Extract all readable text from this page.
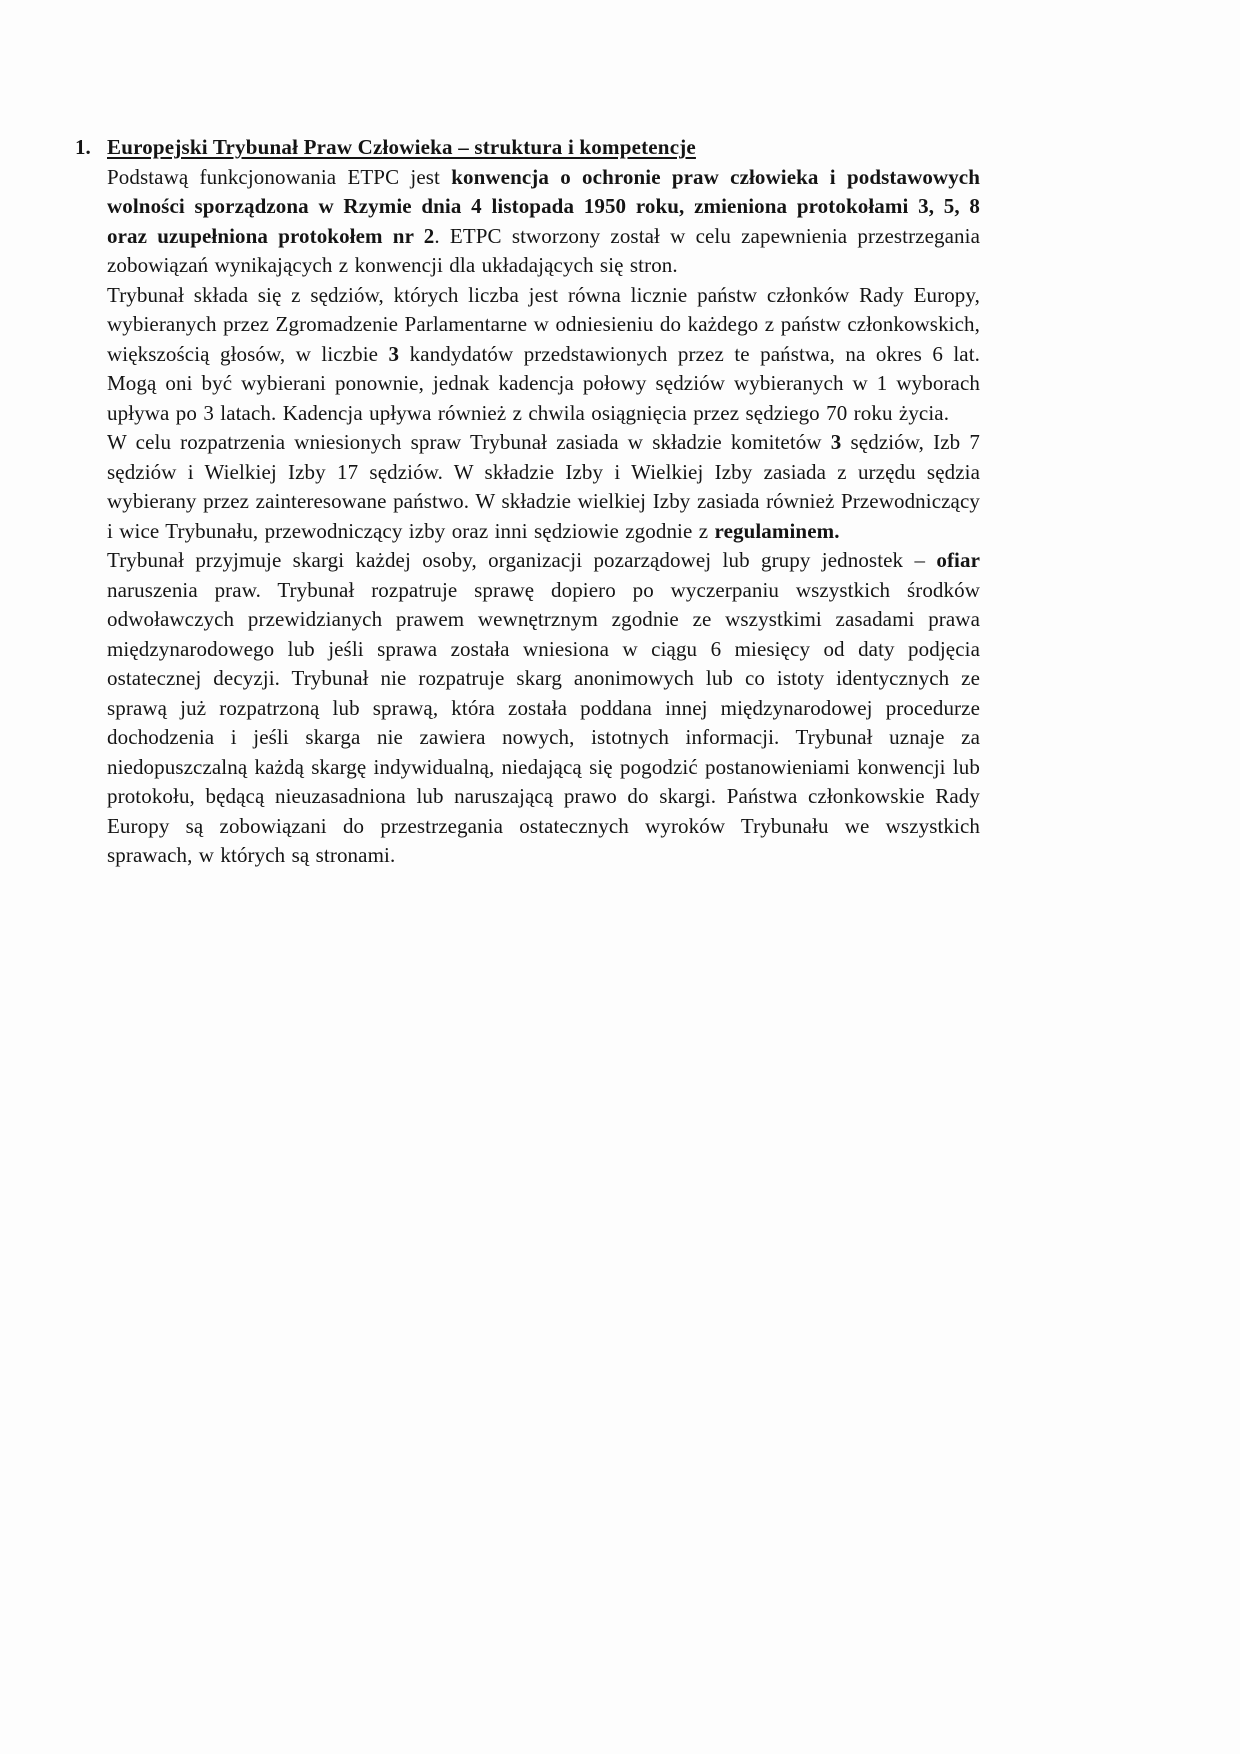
1. Europejski Trybunał Praw Człowieka – struktura i kompetencje

Podstawą funkcjonowania ETPC jest konwencja o ochronie praw człowieka i podstawowych wolności sporządzona w Rzymie dnia 4 listopada 1950 roku, zmieniona protokołami 3, 5, 8 oraz uzupełniona protokołem nr 2. ETPC stworzony został w celu zapewnienia przestrzegania zobowiązań wynikających z konwencji dla układających się stron.

Trybunał składa się z sędziów, których liczba jest równa licznie państw członków Rady Europy, wybieranych przez Zgromadzenie Parlamentarne w odniesieniu do każdego z państw członkowskich, większością głosów, w liczbie 3 kandydatów przedstawionych przez te państwa, na okres 6 lat. Mogą oni być wybierani ponownie, jednak kadencja połowy sędziów wybieranych w 1 wyborach upływa po 3 latach. Kadencja upływa również z chwila osiągnięcia przez sędziego 70 roku życia.

W celu rozpatrzenia wniesionych spraw Trybunał zasiada w składzie komitetów 3 sędziów, Izb 7 sędziów i Wielkiej Izby 17 sędziów. W składzie Izby i Wielkiej Izby zasiada z urzędu sędzia wybierany przez zainteresowane państwo. W składzie wielkiej Izby zasiada również Przewodniczący i wice Trybunału, przewodniczący izby oraz inni sędziowie zgodnie z regulaminem.

Trybunał przyjmuje skargi każdej osoby, organizacji pozarządowej lub grupy jednostek – ofiar naruszenia praw. Trybunał rozpatruje sprawę dopiero po wyczerpaniu wszystkich środków odwoławczych przewidzianych prawem wewnętrznym zgodnie ze wszystkimi zasadami prawa międzynarodowego lub jeśli sprawa została wniesiona w ciągu 6 miesięcy od daty podjęcia ostatecznej decyzji. Trybunał nie rozpatruje skarg anonimowych lub co istoty identycznych ze sprawą już rozpatrzoną lub sprawą, która została poddana innej międzynarodowej procedurze dochodzenia i jeśli skarga nie zawiera nowych, istotnych informacji. Trybunał uznaje za niedopuszczalną każdą skargę indywidualną, niedającą się pogodzić postanowieniami konwencji lub protokołu, będącą nieuzasadniona lub naruszającą prawo do skargi. Państwa członkowskie Rady Europy są zobowiązani do przestrzegania ostatecznych wyroków Trybunału we wszystkich sprawach, w których są stronami.
